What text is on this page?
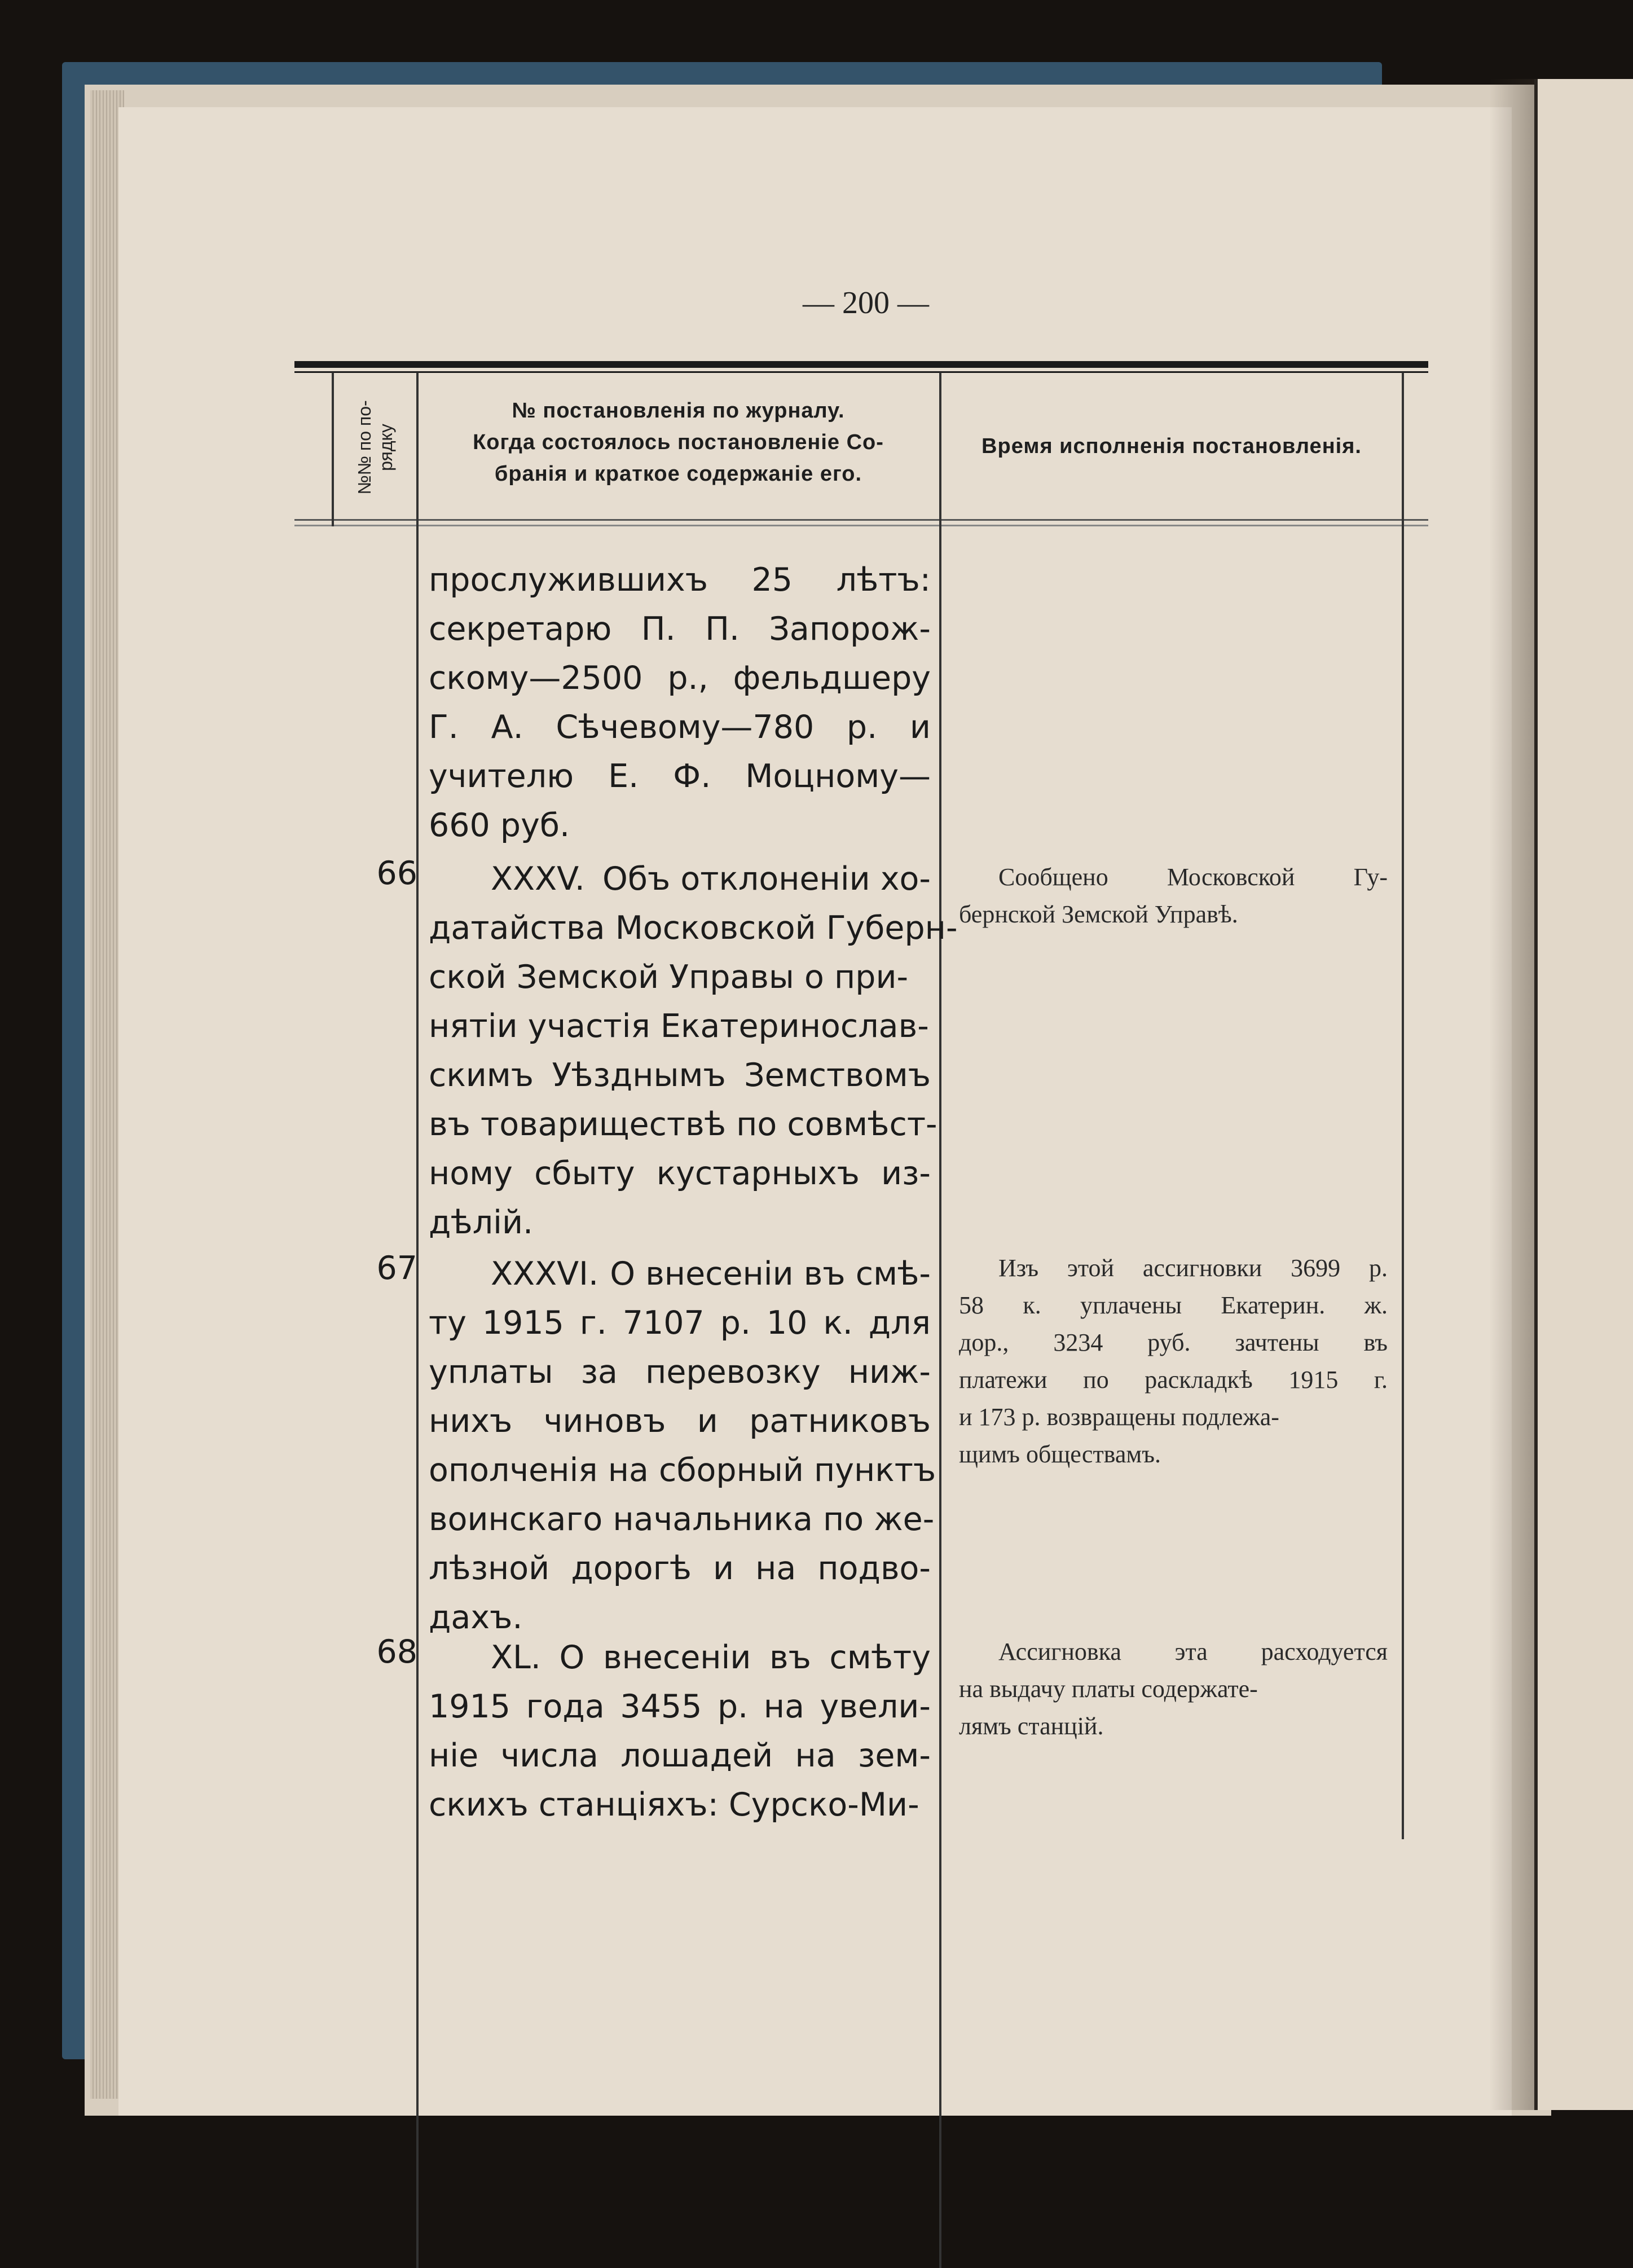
— 200 —
№№ по по- рядку
№ постановленія по журналу.
Когда состоялось постановленіе Со-
бранія и краткое содержаніе его.
Время исполненія постановленія.
прослужившихъ 25 лѣтъ:
секретарю П. П. Запорож-
скому—2500 р., фельдшеру
Г. А. Сѣчевому—780 р. и
учителю Е. Ф. Моцному—
660 руб.
66 XXXV. Объ отклоненіи хо-
датайства Московской Губерн-
ской Земской Управы о при-
нятіи участія Екатеринослав-
скимъ Уѣзднымъ Земствомъ
въ товариществѣ по совмѣст-
ному сбыту кустарныхъ из-
дѣлій.
Сообщено Московской Гу-
бернской Земской Управѣ.
67 XXXVI. О внесеніи въ смѣ-
ту 1915 г. 7107 р. 10 к. для
уплаты за перевозку ниж-
нихъ чиновъ и ратниковъ
ополченія на сборный пунктъ
воинскаго начальника по же-
лѣзной дорогѣ и на подво-
дахъ.
Изъ этой ассигновки 3699 р.
58 к. уплачены Екатерин. ж.
дор., 3234 руб. зачтены въ
платежи по раскладкѣ 1915 г.
и 173 р. возвращены подлежа-
щимъ обществамъ.
68 XL. О внесеніи въ смѣту
1915 года 3455 р. на увели-
ніе числа лошадей на зем-
скихъ станціяхъ: Сурско-Ми-
Ассигновка эта расходуется
на выдачу платы содержате-
лямъ станцій.
